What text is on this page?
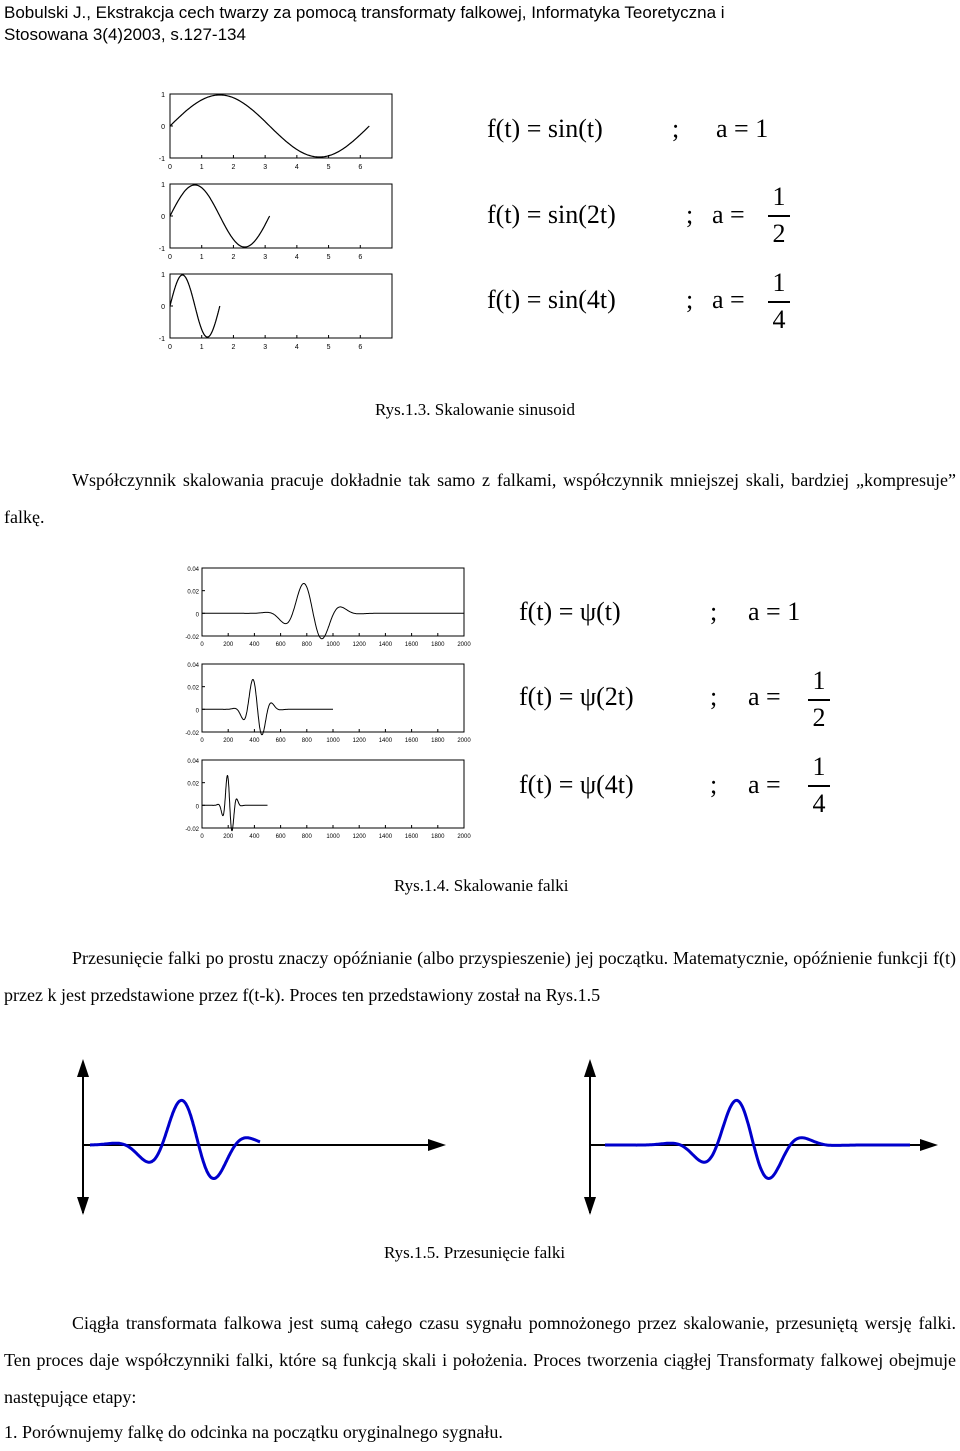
Bobulski J., Ekstrakcja cech twarzy za pomocą transformaty falkowej, Informatyka Teoretyczna i
Stosowana 3(4)2003, s.127-134
1
0
-1
0	1	2	3	4	5	6
1
0
-1
0	1	2	3	4	5	6
1
0
-1
0	1	2	3	4	5	6
f(t) = sin(t)	; a = 1
f(t) = sin(2t)	; a =
1
2
f(t) = sin(4t)	; a =
1
4
Rys.1.3. Skalowanie sinusoid
Współczynnik skalowania pracuje dokładnie tak samo z falkami, współczynnik mniejszej skali, bardziej „kompresuje” falkę.
0.04
0.02
0
-0.02
0	200	400	600	800 1000 1200 1400 1600 1800 2000
0.04
0.02
0
-0.02
0	200	400	600	800 1000 1200 1400 1600 1800 2000
0.04
0.02
0
-0.02
0	200	400	600	800 1000 1200 1400 1600 1800 2000
f(t) = ψ(t)	; a = 1
f(t) = ψ(2t)	; a =
1
2
f(t) = ψ(4t)	; a =
1
4
Rys.1.4. Skalowanie falki
Przesunięcie falki po prostu znaczy opóźnianie (albo przyspieszenie) jej początku. Matematycznie, opóźnienie funkcji f(t) przez k jest przedstawione przez f(t-k). Proces ten przedstawiony został na Rys.1.5
Rys.1.5. Przesunięcie falki
Ciągła transformata falkowa jest sumą całego czasu sygnału pomnożonego przez skalowanie, przesuniętą wersję falki. Ten proces daje współczynniki falki, które są funkcją skali i położenia. Proces tworzenia ciągłej Transformaty falkowej obejmuje następujące etapy:
1. Porównujemy falkę do odcinka na początku oryginalnego sygnału.
